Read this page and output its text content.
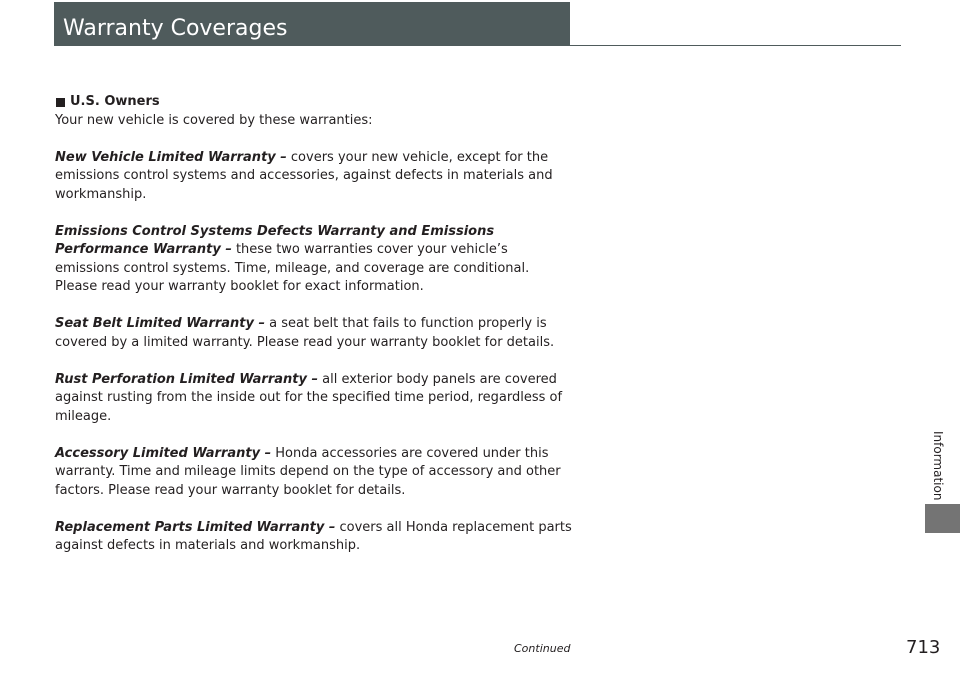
Warranty Coverages
U.S. Owners

Your new vehicle is covered by these warranties:

New Vehicle Limited Warranty – covers your new vehicle, except for the emissions control systems and accessories, against defects in materials and workmanship.

Emissions Control Systems Defects Warranty and Emissions Performance Warranty – these two warranties cover your vehicle’s emissions control systems. Time, mileage, and coverage are conditional. Please read your warranty booklet for exact information.

Seat Belt Limited Warranty – a seat belt that fails to function properly is covered by a limited warranty. Please read your warranty booklet for details.

Rust Perforation Limited Warranty – all exterior body panels are covered against rusting from the inside out for the specified time period, regardless of mileage.

Accessory Limited Warranty – Honda accessories are covered under this warranty. Time and mileage limits depend on the type of accessory and other factors. Please read your warranty booklet for details.

Replacement Parts Limited Warranty – covers all Honda replacement parts against defects in materials and workmanship.

Information
Continued	713
